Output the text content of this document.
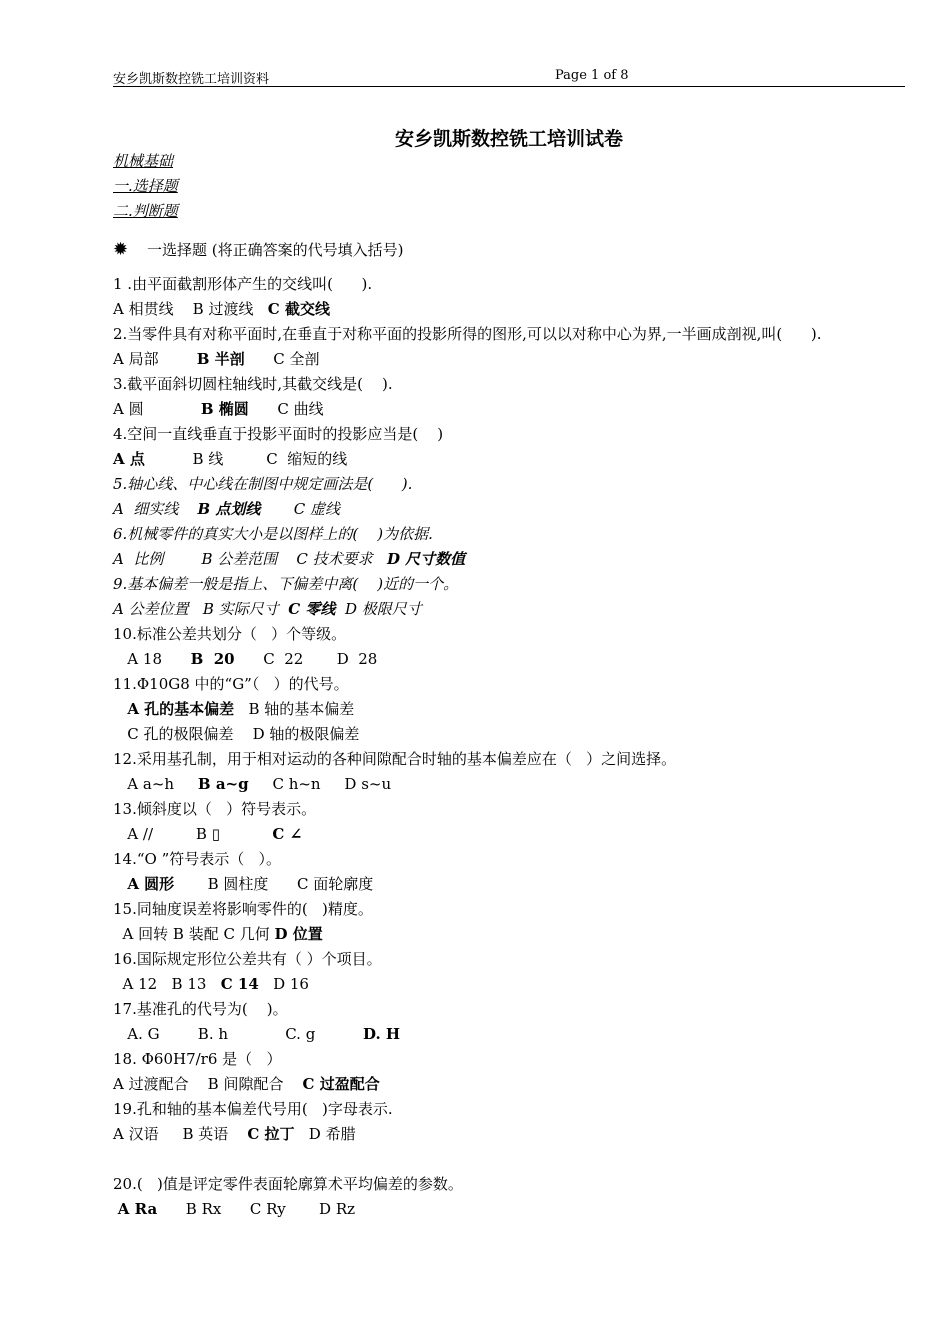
安乡凯斯数控铣工培训资料	Page 1 of 8
安乡凯斯数控铣工培训试卷
机械基础
一.选择题
二.判断题
✹ 一选择题 (将正确答案的代号填入括号)
1 .由平面截割形体产生的交线叫(      ).
A 相贯线    B 过渡线   C 截交线
2.当零件具有对称平面时,在垂直于对称平面的投影所得的图形,可以以对称中心为界,一半画成剖视,叫(      ).
A 局部        B 半剖      C 全剖
3.截平面斜切圆柱轴线时,其截交线是(    ).
A 圆            B 椭圆      C 曲线
4.空间一直线垂直于投影平面时的投影应当是(    )
A 点          B 线         C  缩短的线
5.轴心线、中心线在制图中规定画法是(      ).
A  细实线    B 点划线       C 虚线
6.机械零件的真实大小是以图样上的(    )为依据.
A  比例        B 公差范围    C 技术要求   D 尺寸数值
9.基本偏差一般是指上、下偏差中离(    )近的一个。
A 公差位置   B 实际尺寸  C 零线  D 极限尺寸
10.标准公差共划分（   ）个等级。
A 18      B  20      C  22       D  28
11.Φ10G8 中的“G”（   ）的代号。
A 孔的基本偏差   B 轴的基本偏差
C 孔的极限偏差    D 轴的极限偏差
12.采用基孔制，用于相对运动的各种间隙配合时轴的基本偏差应在（   ）之间选择。
A a~h     B a~g     C h~n     D s~u
13.倾斜度以（   ）符号表示。
A //         B ▯           C ∠
14.“O ”符号表示（   ）。
A 圆形       B 圆柱度      C 面轮廓度
15.同轴度误差将影响零件的(   )精度。
A 回转 B 装配 C 几何 D 位置
16.国际规定形位公差共有（ ）个项目。
A 12   B 13   C 14   D 16
17.基准孔的代号为(    )。
A. G        B. h            C. g          D. H
18. Φ60H7/r6 是（   ）
A 过渡配合    B 间隙配合    C 过盈配合
19.孔和轴的基本偏差代号用(   )字母表示.
A 汉语     B 英语    C 拉丁   D 希腊
20.(   )值是评定零件表面轮廓算术平均偏差的参数。
A Ra      B Rx      C Ry       D Rz
